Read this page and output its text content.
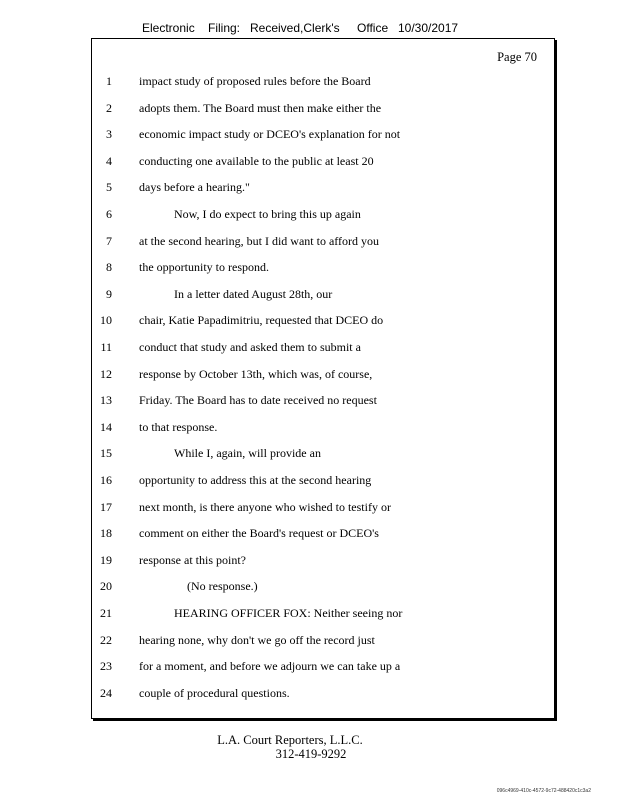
Electronic Filing: Received,Clerk's Office 10/30/2017
Page 70
1 impact study of proposed rules before the Board
2 adopts them. The Board must then make either the
3 economic impact study or DCEO's explanation for not
4 conducting one available to the public at least 20
5 days before a hearing."
6	Now, I do expect to bring this up again
7 at the second hearing, but I did want to afford you
8 the opportunity to respond.
9	In a letter dated August 28th, our
10 chair, Katie Papadimitriu, requested that DCEO do
11 conduct that study and asked them to submit a
12 response by October 13th, which was, of course,
13 Friday. The Board has to date received no request
14 to that response.
15	While I, again, will provide an
16 opportunity to address this at the second hearing
17 next month, is there anyone who wished to testify or
18 comment on either the Board's request or DCEO's
19 response at this point?
20	(No response.)
21	HEARING OFFICER FOX: Neither seeing nor
22 hearing none, why don't we go off the record just
23 for a moment, and before we adjourn we can take up a
24 couple of procedural questions.
L.A. Court Reporters, L.L.C.
312-419-9292
096c4969-410c-4572-9c72-488420c1c3a2
